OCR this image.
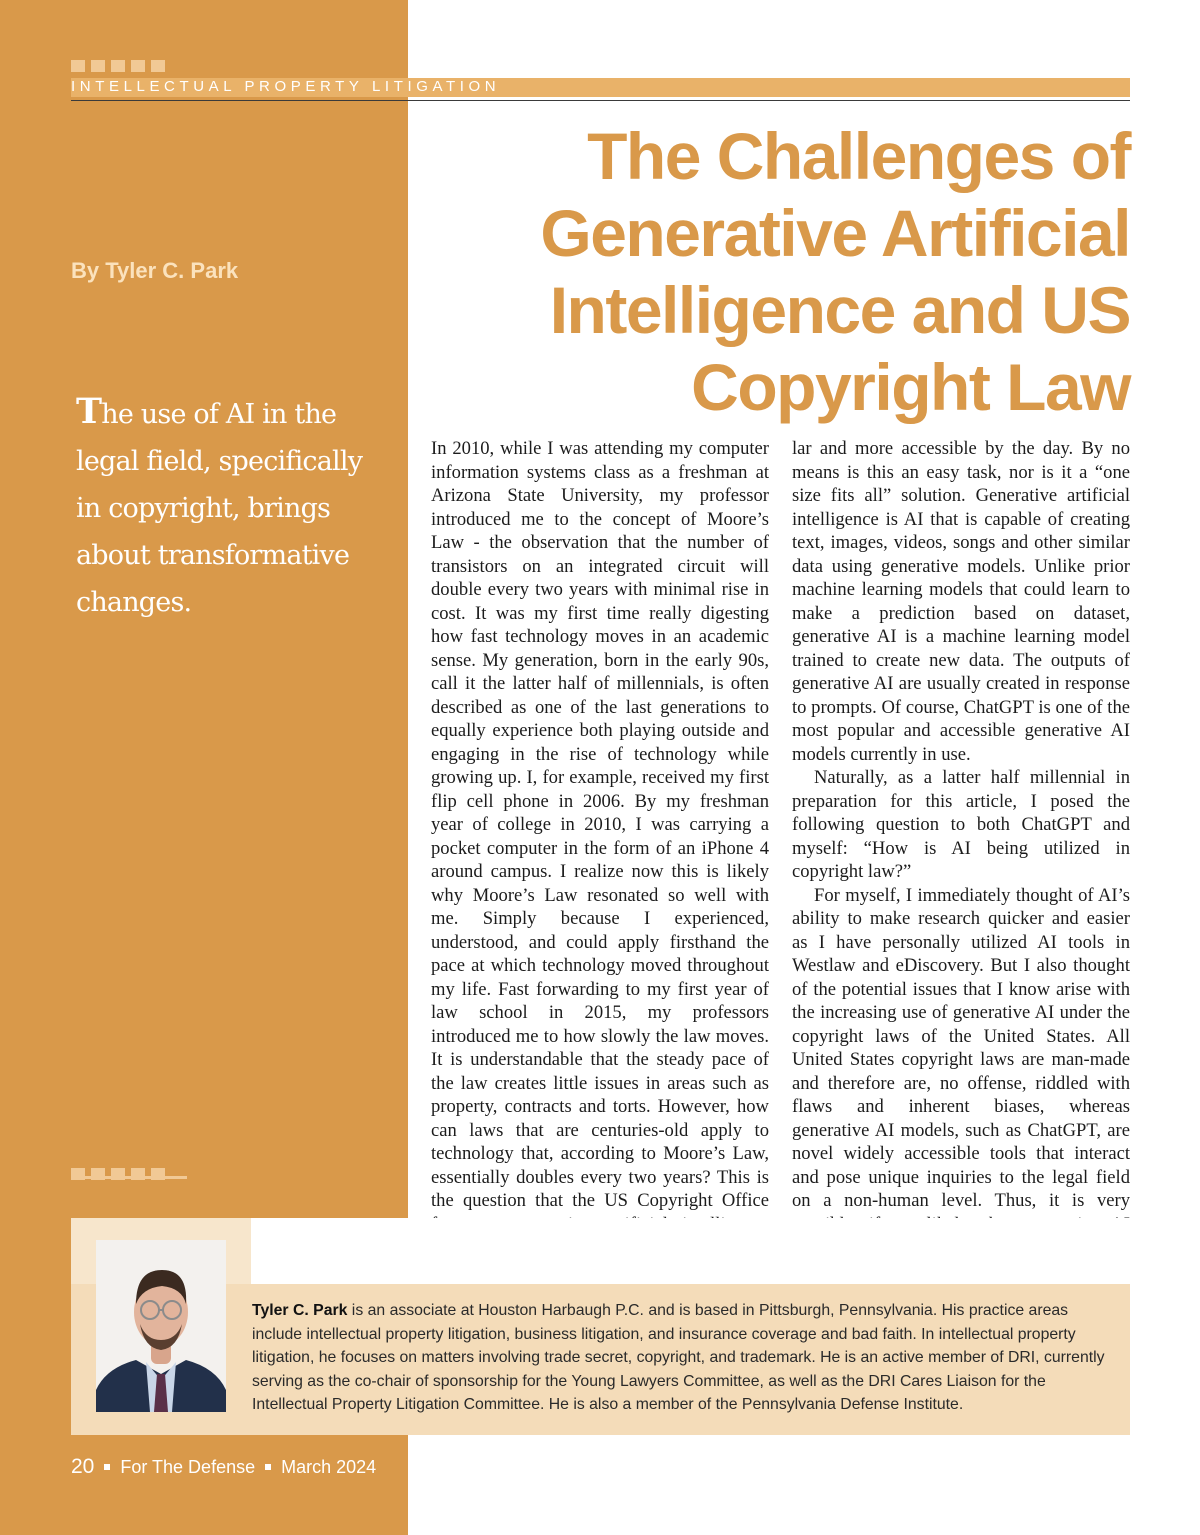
INTELLECTUAL PROPERTY LITIGATION
The Challenges of Generative Artificial Intelligence and US Copyright Law
By Tyler C. Park

The use of AI in the legal field, specifically in copyright, brings about transformative changes.

In 2010, while I was attending my computer information systems class as a freshman at Arizona State University, my professor introduced me to the concept of Moore’s Law - the observation that the number of transistors on an integrated circuit will double every two years with minimal rise in cost. It was my first time really digesting how fast technology moves in an academic sense. My generation, born in the early 90s, call it the latter half of millennials, is often described as one of the last generations to equally experience both playing outside and engaging in the rise of technology while growing up. I, for example, received my first flip cell phone in 2006. By my freshman year of college in 2010, I was carrying a pocket computer in the form of an iPhone 4 around campus. I realize now this is likely why Moore’s Law resonated so well with me. Simply because I experienced, understood, and could apply firsthand the pace at which technology moved throughout my life. Fast forwarding to my first year of law school in 2015, my professors introduced me to how slowly the law moves. It is understandable that the steady pace of the law creates little issues in areas such as property, contracts and torts. However, how can laws that are centuries-old apply to technology that, according to Moore’s Law, essentially doubles every two years? This is the question that the US Copyright Office

lar and more accessible by the day. By no means is this an easy task, nor is it a “one size fits all” solution. Generative artificial intelligence is AI that is capable of creating text, images, videos, songs and other similar data using generative models. Unlike prior machine learning models that could learn to make a prediction based on dataset, generative AI is a machine learning model trained to create new data. The outputs of generative AI are usually created in response to prompts. Of course, ChatGPT is one of the most popular and accessible generative AI models currently in use.

Naturally, as a latter half millennial in preparation for this article, I posed the following question to both ChatGPT and myself: “How is AI being utilized in copyright law?”

For myself, I immediately thought of AI’s ability to make research quicker and easier as I have personally utilized AI tools in Westlaw and eDiscovery. But I also thought of the potential issues that I know arise with the increasing use of generative AI under the copyright laws of the United States. All United States copyright laws are man-made and therefore are, no offense, riddled with flaws and inherent biases, whereas generative AI models, such as ChatGPT, are novel widely accessible tools that interact and pose unique inquiries to the legal field on a non-human level. Thus, it is very

Tyler C. Park is an associate at Houston Harbaugh P.C. and is based in Pittsburgh, Pennsylvania. His practice areas include intellectual property litigation, business litigation, and insurance coverage and bad faith. In intellectual property litigation, he focuses on matters involving trade secret, copyright, and trademark. He is an active member of DRI, currently serving as the co-chair of sponsorship for the Young Lawyers Committee, as well as the DRI Cares Liaison for the Intellectual Property Litigation Committee. He is also a member of the Pennsylvania Defense Institute.

20 For The Defense March 2024
